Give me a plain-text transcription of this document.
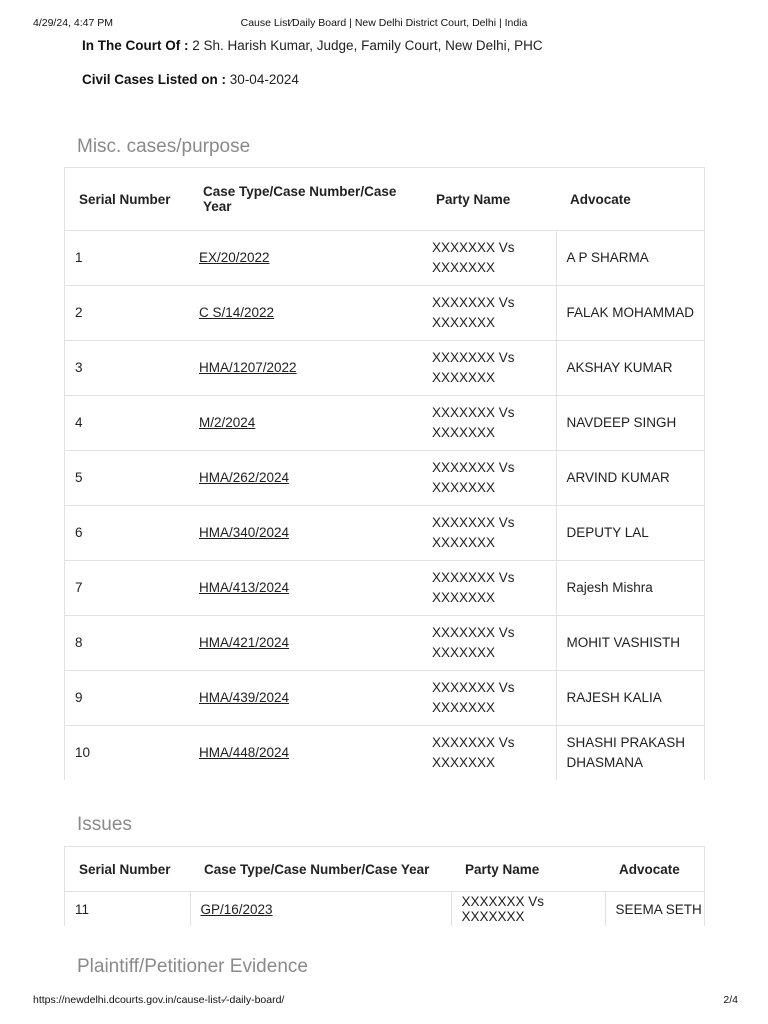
4/29/24, 4:47 PM	Cause List⁄Daily Board | New Delhi District Court, Delhi | India
In The Court Of : 2 Sh. Harish Kumar, Judge, Family Court, New Delhi, PHC
Civil Cases Listed on : 30-04-2024
Misc. cases/purpose
Serial Number	Case Type/Case Number/Case Year	Party Name	Advocate
1	EX/20/2022	XXXXXXX Vs XXXXXXX	A P SHARMA
2	C S/14/2022	XXXXXXX Vs XXXXXXX	FALAK MOHAMMAD
3	HMA/1207/2022	XXXXXXX Vs XXXXXXX	AKSHAY KUMAR
4	M/2/2024	XXXXXXX Vs XXXXXXX	NAVDEEP SINGH
5	HMA/262/2024	XXXXXXX Vs XXXXXXX	ARVIND KUMAR
6	HMA/340/2024	XXXXXXX Vs XXXXXXX	DEPUTY LAL
7	HMA/413/2024	XXXXXXX Vs XXXXXXX	Rajesh Mishra
8	HMA/421/2024	XXXXXXX Vs XXXXXXX	MOHIT VASHISTH
9	HMA/439/2024	XXXXXXX Vs XXXXXXX	RAJESH KALIA
10	HMA/448/2024	XXXXXXX Vs XXXXXXX	SHASHI PRAKASH DHASMANA
Issues
Serial Number	Case Type/Case Number/Case Year	Party Name	Advocate
11	GP/16/2023	XXXXXXX Vs XXXXXXX	SEEMA SETH
Plaintiff/Petitioner Evidence
https://newdelhi.dcourts.gov.in/cause-list-⁄-daily-board/	2/4
